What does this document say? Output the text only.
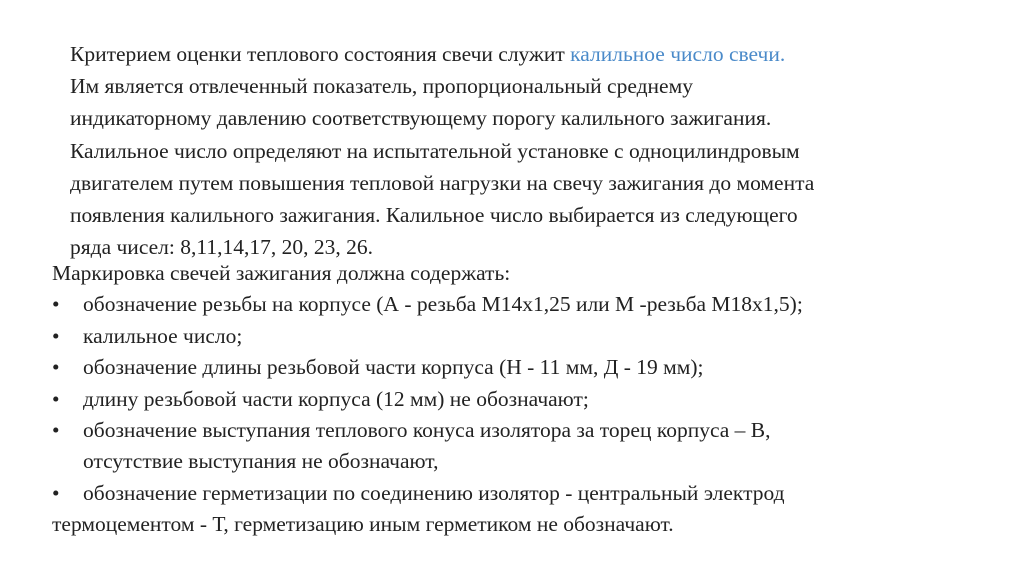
Критерием оценки теплового состояния свечи служит калильное число свечи.
Им является отвлеченный показатель, пропорциональный среднему
индикаторному давлению соответствующему порогу калильного зажигания.
Калильное число определяют на испытательной установке с одноцилиндровым
двигателем путем повышения тепловой нагрузки на свечу зажигания до момента
появления калильного зажигания. Калильное число выбирается из следующего
ряда чисел: 8,11,14,17, 20, 23, 26.
Маркировка свечей зажигания должна содержать:
•	обозначение резьбы на корпусе (А - резьба М14х1,25 или М -резьба М18х1,5);
•	калильное число;
•	обозначение длины резьбовой части корпуса (Н - 11 мм, Д - 19 мм);
•	длину резьбовой части корпуса (12 мм) не обозначают;
•	обозначение выступания теплового конуса изолятора за торец корпуса – В,
отсутствие выступания не обозначают,
•	обозначение герметизации по соединению изолятор - центральный электрод
термоцементом - Т, герметизацию иным герметиком не обозначают.
